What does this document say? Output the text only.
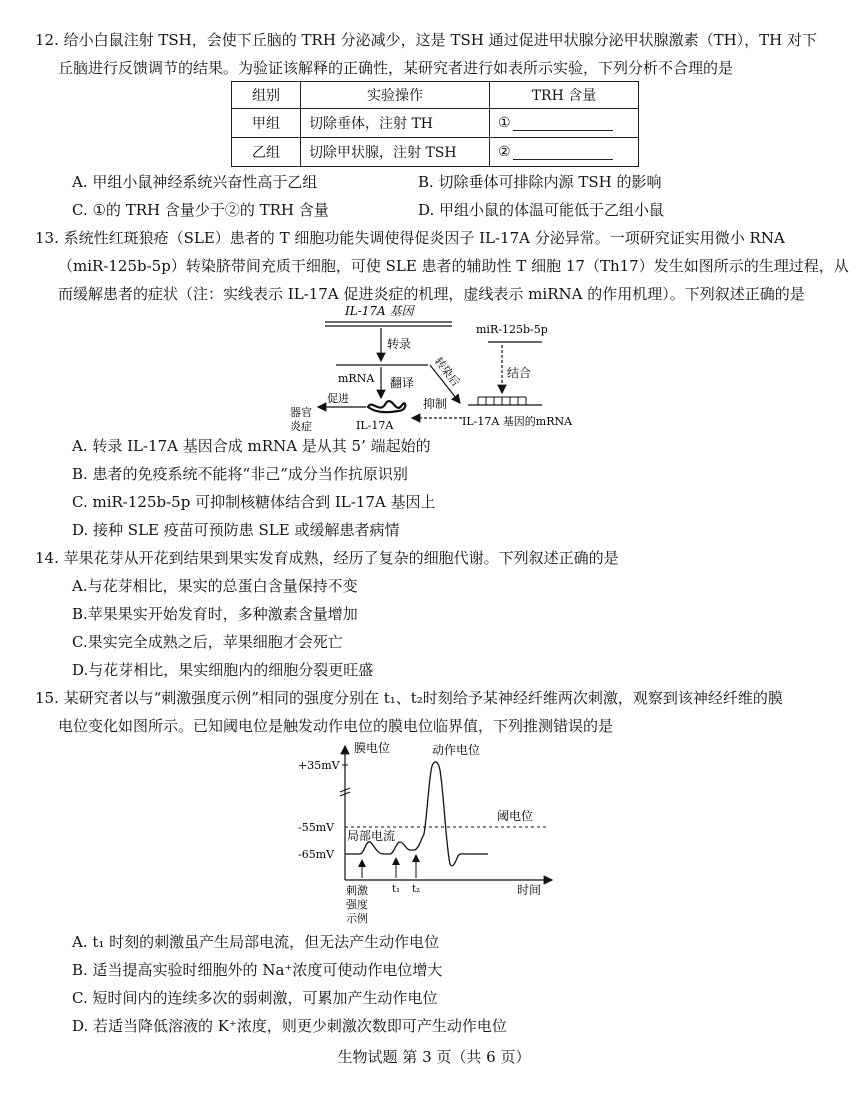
12. 给小白鼠注射 TSH，会使下丘脑的 TRH 分泌减少，这是 TSH 通过促进甲状腺分泌甲状腺激素（TH），TH 对下
丘脑进行反馈调节的结果。为验证该解释的正确性，某研究者进行如表所示实验，下列分析不合理的是
组别	实验操作	TRH 含量
甲组	切除垂体，注射 TH	①
乙组	切除甲状腺，注射 TSH	②
A. 甲组小鼠神经系统兴奋性高于乙组	B. 切除垂体可排除内源 TSH 的影响
C. ①的 TRH 含量少于②的 TRH 含量	D. 甲组小鼠的体温可能低于乙组小鼠
13. 系统性红斑狼疮（SLE）患者的 T 细胞功能失调使得促炎因子 IL-17A 分泌异常。一项研究证实用微小 RNA
（miR-125b-5p）转染脐带间充质干细胞，可使 SLE 患者的辅助性 T 细胞 17（Th17）发生如图所示的生理过程，从
而缓解患者的症状（注：实线表示 IL-17A 促进炎症的机理，虚线表示 miRNA 的作用机理）。下列叙述正确的是
IL-17A 基因
转录
mRNA 翻译
IL-17A
促进
器官
炎症
miR-125b-5p
结合
转染后
IL-17A 基因的mRNA
抑制
A. 转录 IL-17A 基因合成 mRNA 是从其 5’ 端起始的
B. 患者的免疫系统不能将“非己”成分当作抗原识别
C. miR-125b-5p 可抑制核糖体结合到 IL-17A 基因上
D. 接种 SLE 疫苗可预防患 SLE 或缓解患者病情
14. 苹果花芽从开花到结果到果实发育成熟，经历了复杂的细胞代谢。下列叙述正确的是
A.与花芽相比，果实的总蛋白含量保持不变
B.苹果果实开始发育时，多种激素含量增加
C.果实完全成熟之后，苹果细胞才会死亡
D.与花芽相比，果实细胞内的细胞分裂更旺盛
15. 某研究者以与“刺激强度示例”相同的强度分别在 t₁、t₂时刻给予某神经纤维两次刺激，观察到该神经纤维的膜
电位变化如图所示。已知阈电位是触发动作电位的膜电位临界值，下列推测错误的是
膜电位
时间
+35mV
-55mV
阈电位
-65mV
局部电流
动作电位
t₁ t₂
刺激
强度
示例
A. t₁ 时刻的刺激虽产生局部电流，但无法产生动作电位
B. 适当提高实验时细胞外的 Na⁺浓度可使动作电位增大
C. 短时间内的连续多次的弱刺激，可累加产生动作电位
D. 若适当降低溶液的 K⁺浓度，则更少刺激次数即可产生动作电位
生物试题 第 3 页（共 6 页）
